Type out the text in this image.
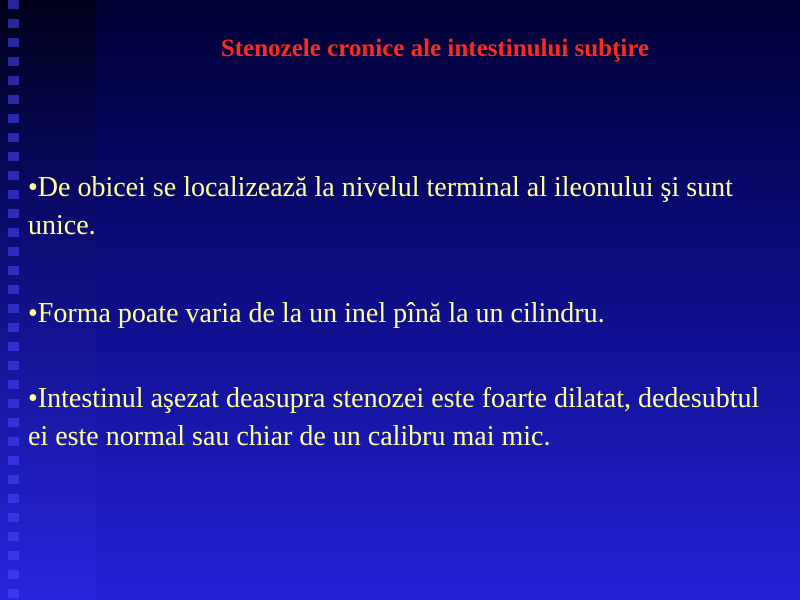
Stenozele cronice ale intestinului subţire

•De obicei se localizează la nivelul terminal al ileonului şi sunt unice.

•Forma poate varia de la un inel pînă la un cilindru.

•Intestinul aşezat deasupra stenozei este foarte dilatat, dedesubtul ei este normal sau chiar de un calibru mai mic.
